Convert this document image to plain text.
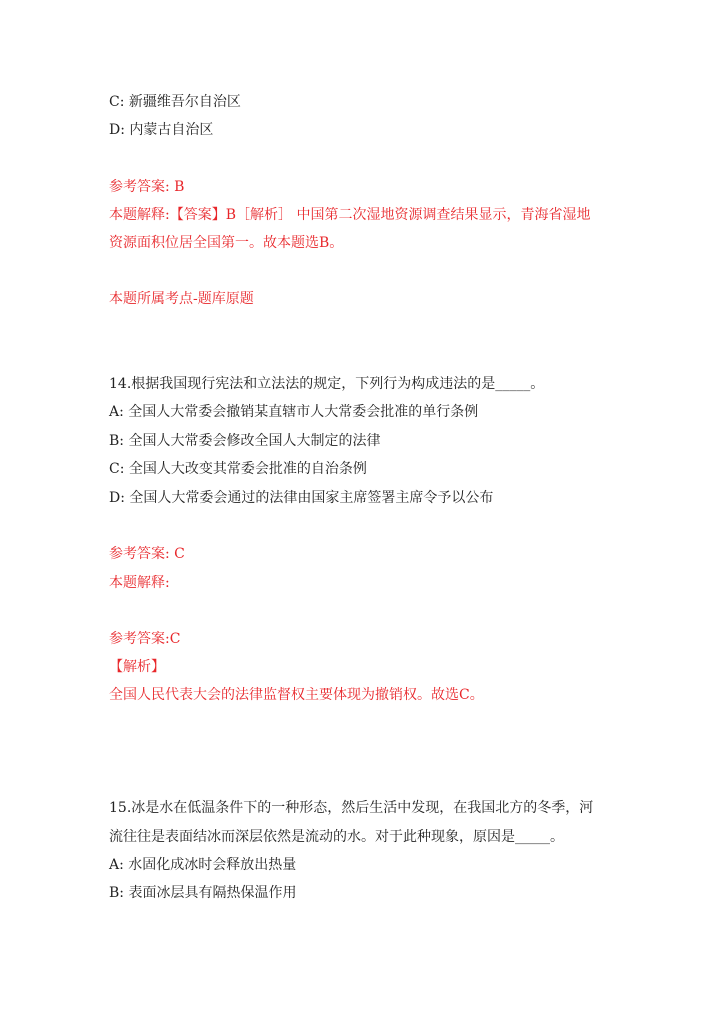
C: 新疆维吾尔自治区
D: 内蒙古自治区
参考答案: B
本题解释:【答案】B［解析］ 中国第二次湿地资源调查结果显示，青海省湿地
资源面积位居全国第一。故本题选B。
本题所属考点-题库原题
14.根据我国现行宪法和立法法的规定，下列行为构成违法的是_____。
A: 全国人大常委会撤销某直辖市人大常委会批准的单行条例
B: 全国人大常委会修改全国人大制定的法律
C: 全国人大改变其常委会批准的自治条例
D: 全国人大常委会通过的法律由国家主席签署主席令予以公布
参考答案: C
本题解释:
参考答案:C
【解析】
全国人民代表大会的法律监督权主要体现为撤销权。故选C。
15.冰是水在低温条件下的一种形态，然后生活中发现，在我国北方的冬季，河
流往往是表面结冰而深层依然是流动的水。对于此种现象，原因是_____。
A: 水固化成冰时会释放出热量
B: 表面冰层具有隔热保温作用
